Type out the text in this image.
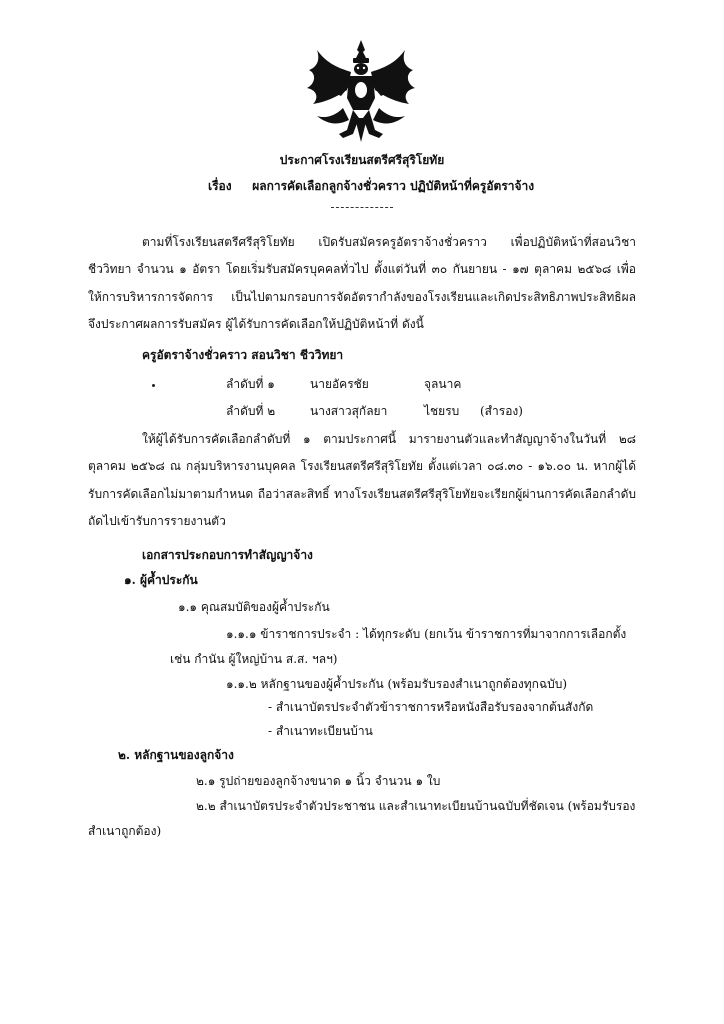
ประกาศโรงเรียนสตรีศรีสุริโยทัย
เรื่อง ผลการคัดเลือกลูกจ้างชั่วคราว ปฏิบัติหน้าที่ครูอัตราจ้าง
ตามที่โรงเรียนสตรีศรีสุริโยทัย เปิดรับสมัครครูอัตราจ้างชั่วคราว เพื่อปฏิบัติหน้าที่สอนวิชาชีววิทยา จำนวน ๑ อัตรา โดยเริ่มรับสมัครบุคคลทั่วไป ตั้งแต่วันที่ ๓๐ กันยายน - ๑๗ ตุลาคม ๒๕๖๘ เพื่อให้การบริหารการจัดการ เป็นไปตามกรอบการจัดอัตรากำลังของโรงเรียนและเกิดประสิทธิภาพประสิทธิผล จึงประกาศผลการรับสมัคร ผู้ได้รับการคัดเลือกให้ปฏิบัติหน้าที่ ดังนี้
ครูอัตราจ้างชั่วคราว สอนวิชา ชีววิทยา
ลำดับที่ ๑	นายอัครชัย	จุลนาค
ลำดับที่ ๒	นางสาวสุกัลยา	ไชยรบ (สำรอง)
ให้ผู้ได้รับการคัดเลือกลำดับที่ ๑ ตามประกาศนี้ มารายงานตัวและทำสัญญาจ้างในวันที่ ๒๘ ตุลาคม ๒๕๖๘ ณ กลุ่มบริหารงานบุคคล โรงเรียนสตรีศรีสุริโยทัย ตั้งแต่เวลา ๐๘.๓๐ - ๑๖.๐๐ น. หากผู้ได้รับการคัดเลือกไม่มาตามกำหนด ถือว่าสละสิทธิ์ ทางโรงเรียนสตรีศรีสุริโยทัยจะเรียกผู้ผ่านการคัดเลือกลำดับถัดไปเข้ารับการรายงานตัว
เอกสารประกอบการทำสัญญาจ้าง
๑. ผู้ค้ำประกัน
๑.๑ คุณสมบัติของผู้ค้ำประกัน
๑.๑.๑ ข้าราชการประจำ : ได้ทุกระดับ (ยกเว้น ข้าราชการที่มาจากการเลือกตั้ง
เช่น กำนัน ผู้ใหญ่บ้าน ส.ส. ฯลฯ)
๑.๑.๒ หลักฐานของผู้ค้ำประกัน (พร้อมรับรองสำเนาถูกต้องทุกฉบับ)
- สำเนาบัตรประจำตัวข้าราชการหรือหนังสือรับรองจากต้นสังกัด
- สำเนาทะเบียนบ้าน
๒. หลักฐานของลูกจ้าง
๒.๑ รูปถ่ายของลูกจ้างขนาด ๑ นิ้ว จำนวน ๑ ใบ
๒.๒ สำเนาบัตรประจำตัวประชาชน และสำเนาทะเบียนบ้านฉบับที่ชัดเจน (พร้อมรับรอง
สำเนาถูกต้อง)
